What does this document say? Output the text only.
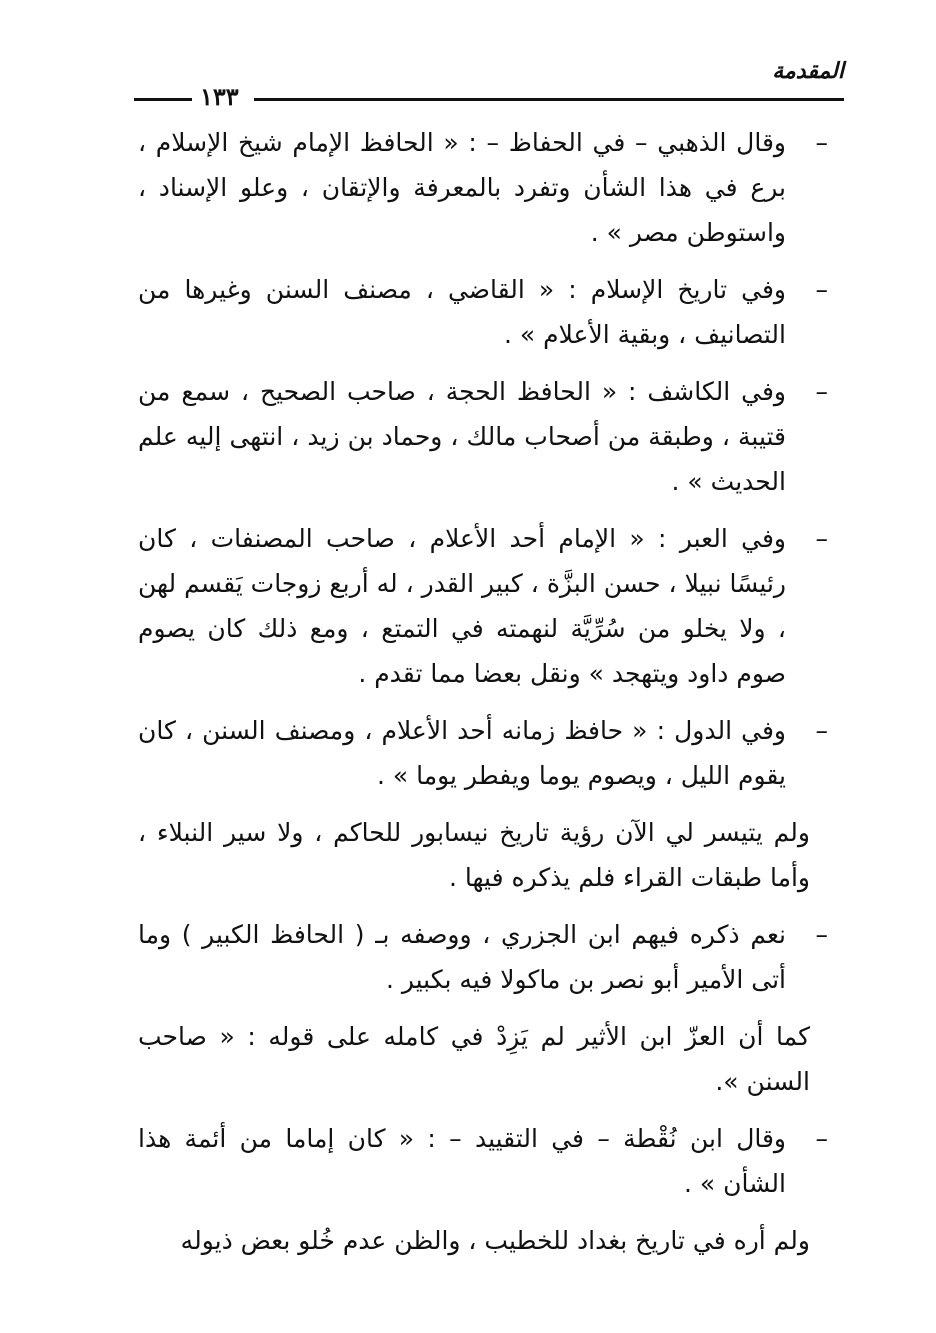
المقدمة
١٣٣

– وقال الذهبي – في الحفاظ – : « الحافظ الإمام شيخ الإسلام ، برع في هذا الشأن وتفرد بالمعرفة والإتقان ، وعلو الإسناد ، واستوطن مصر » .

– وفي تاريخ الإسلام : « القاضي ، مصنف السنن وغيرها من التصانيف ، وبقية الأعلام » .

– وفي الكاشف : « الحافظ الحجة ، صاحب الصحيح ، سمع من قتيبة ، وطبقة من أصحاب مالك ، وحماد بن زيد ، انتهى إليه علم الحديث » .

– وفي العبر : « الإمام أحد الأعلام ، صاحب المصنفات ، كان رئيسًا نبيلا ، حسن البزَّة ، كبير القدر ، له أربع زوجات يَقسم لهن ، ولا يخلو من سُرِّيَّة لنهمته في التمتع ، ومع ذلك كان يصوم صوم داود ويتهجد » ونقل بعضا مما تقدم .

– وفي الدول : « حافظ زمانه أحد الأعلام ، ومصنف السنن ، كان يقوم الليل ، ويصوم يوما ويفطر يوما » .

ولم يتيسر لي الآن رؤية تاريخ نيسابور للحاكم ، ولا سير النبلاء ، وأما طبقات القراء فلم يذكره فيها .

– نعم ذكره فيهم ابن الجزري ، ووصفه بـ ( الحافظ الكبير ) وما أتى الأمير أبو نصر بن ماكولا فيه بكبير .

كما أن العزّ ابن الأثير لم يَزِدْ في كامله على قوله : « صاحب السنن ».

– وقال ابن نُقْطة – في التقييد – : « كان إماما من أئمة هذا الشأن » .

ولم أره في تاريخ بغداد للخطيب ، والظن عدم خُلو بعض ذيوله
